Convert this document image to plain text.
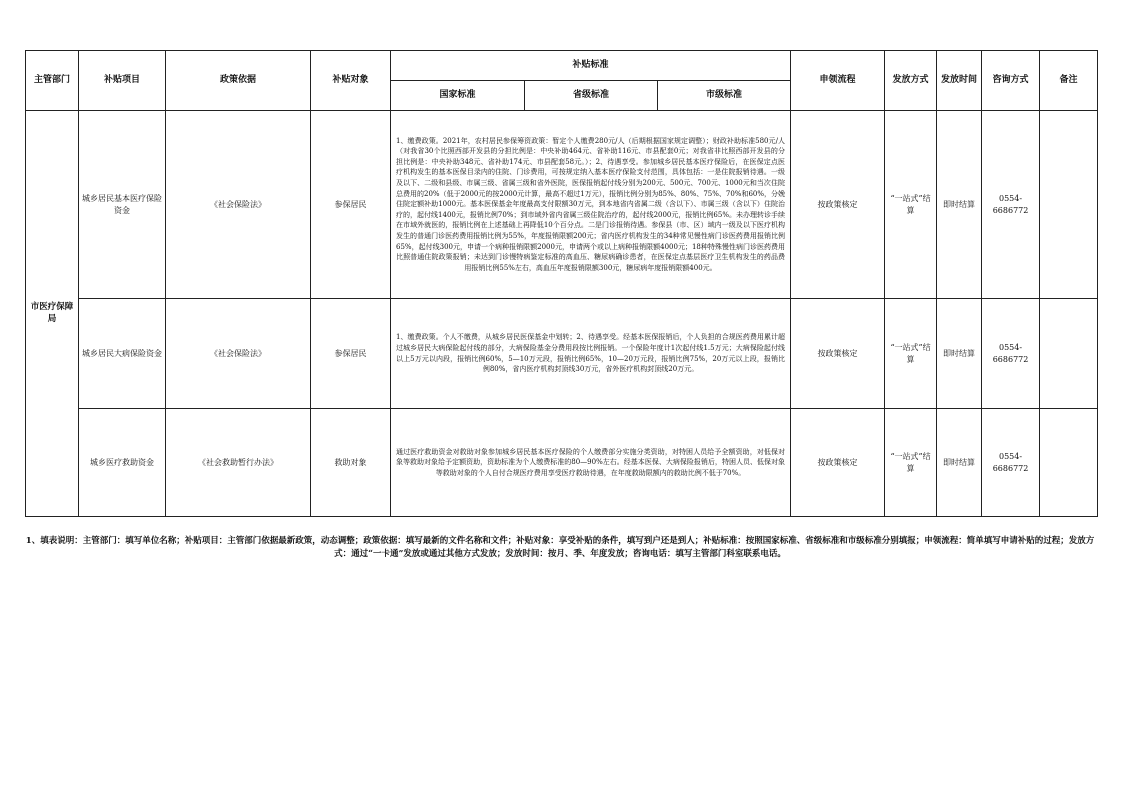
主管部门	补贴项目	政策依据	补贴对象	补贴标准			申领流程	发放方式	发放时间	咨询方式	备注
				国家标准	省级标准	市级标准					
市医疗保障局	城乡居民基本医疗保险资金	《社会保险法》	参保居民	1、缴费政策。2021年，农村居民参保筹资政策：暂定个人缴费280元/人（后期根据国家规定调整）；财政补助标准580元/人（对我省30个比照西部开发县的分担比例是：中央补助464元、省补助116元、市县配套0元；对我省非比照西部开发县的分担比例是：中央补助348元、省补助174元、市县配套58元。）；2、待遇享受。参加城乡居民基本医疗保险后，在医保定点医疗机构发生的基本医保目录内的住院、门诊费用，可按规定纳入基本医疗保险支付范围，具体包括：一是住院报销待遇。一级及以下、二级和县级、市属三级、省属三级和省外医院，医保报销起付线分别为200元、500元、700元、1000元和当次住院总费用的20%（低于2000元的按2000元计算，最高不超过1万元），报销比例分别为85%、80%、75%、70%和60%，分娩住院定额补助1000元。基本医保基金年度最高支付限额30万元，到本地省内省属二级（含以下）、市属三级（含以下）住院治疗的，起付线1400元，报销比例70%；到市域外省内省属三级住院治疗的，起付线2000元，报销比例65%。未办理转诊手续在市域外就医的，报销比例在上述基础上再降低10个百分点。二是门诊报销待遇。参保县（市、区）域内一级及以下医疗机构发生的普通门诊医药费用报销比例为55%，年度报销限额200元；省内医疗机构发生的34种常见慢性病门诊医药费用报销比例65%，起付线300元，申请一个病种报销限额2000元，申请两个或以上病种报销限额4000元；18种特殊慢性病门诊医药费用比照普通住院政策报销；未达到门诊慢特病鉴定标准的高血压、糖尿病确诊患者，在医保定点基层医疗卫生机构发生的药品费用报销比例55%左右，高血压年度报销限额300元，糖尿病年度报销限额400元。			按政策核定	“一站式”结算	即时结算	0554-6686772	
	城乡居民大病保险资金	《社会保险法》	参保居民	1、缴费政策。个人不缴费，从城乡居民医保基金中划转；2、待遇享受。经基本医保报销后，个人负担的合规医药费用累计超过城乡居民大病保险起付线的部分，大病保险基金分费用段按比例报销。一个保险年度计1次起付线1.5万元；大病保险起付线以上5万元以内段，报销比例60%，5—10万元段，报销比例65%，10—20万元段，报销比例75%，20万元以上段，报销比例80%，省内医疗机构封顶线30万元，省外医疗机构封顶线20万元。			按政策核定	“一站式”结算	即时结算	0554-6686772	
	城乡医疗救助资金	《社会救助暂行办法》	救助对象	通过医疗救助资金对救助对象参加城乡居民基本医疗保险的个人缴费部分实施分类资助，对特困人员给予全额资助，对低保对象等救助对象给予定额资助，资助标准为个人缴费标准的80—90%左右。经基本医保、大病保险报销后，特困人员、低保对象等救助对象的个人自付合规医疗费用享受医疗救助待遇，在年度救助限额内的救助比例不低于70%。			按政策核定	“一站式”结算	即时结算	0554-6686772	
1、填表说明：主管部门：填写单位名称；补贴项目：主管部门依据最新政策，动态调整；政策依据：填写最新的文件名称和文件；补贴对象：享受补贴的条件，填写到户还是到人；补贴标准：按照国家标准、省级标准和市级标准分别填报；申领流程：简单填写申请补贴的过程；发放方式：通过“一卡通”发放或通过其他方式发放；发放时间：按月、季、年度发放；咨询电话：填写主管部门科室联系电话。
